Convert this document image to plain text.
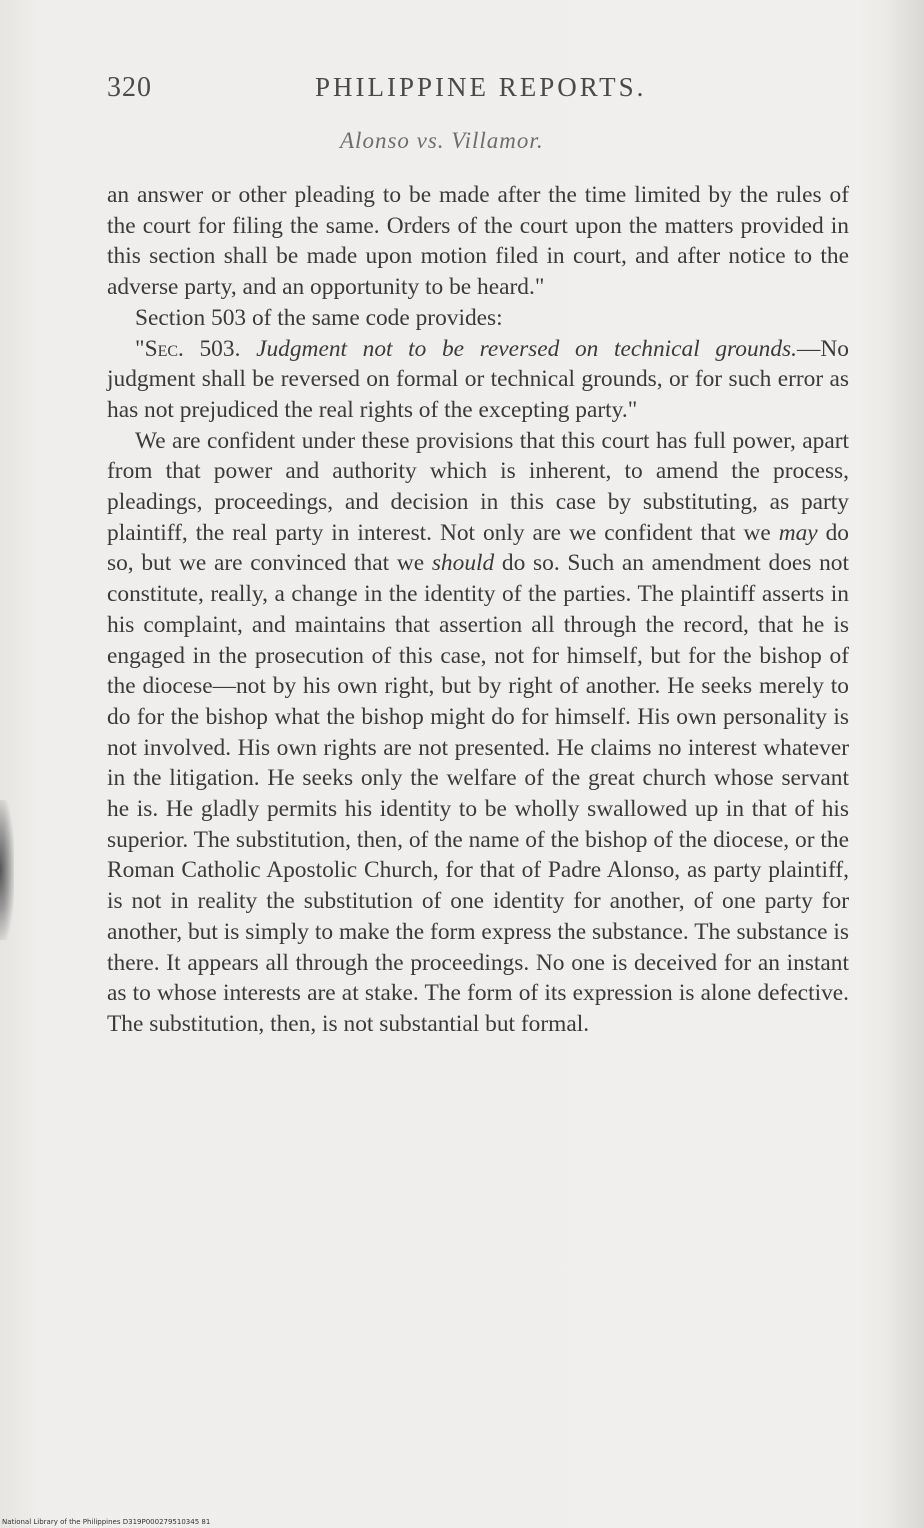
320	PHILIPPINE REPORTS.
Alonso vs. Villamor.

an answer or other pleading to be made after the time limited by the rules of the court for filing the same. Orders of the court upon the matters provided in this section shall be made upon motion filed in court, and after notice to the adverse party, and an opportunity to be heard."

Section 503 of the same code provides:

"Sec. 503. Judgment not to be reversed on technical grounds.—No judgment shall be reversed on formal or technical grounds, or for such error as has not prejudiced the real rights of the excepting party."

We are confident under these provisions that this court has full power, apart from that power and authority which is inherent, to amend the process, pleadings, proceedings, and decision in this case by substituting, as party plaintiff, the real party in interest. Not only are we confident that we may do so, but we are convinced that we should do so. Such an amendment does not constitute, really, a change in the identity of the parties. The plaintiff asserts in his complaint, and maintains that assertion all through the record, that he is engaged in the prosecution of this case, not for himself, but for the bishop of the diocese—not by his own right, but by right of another. He seeks merely to do for the bishop what the bishop might do for himself. His own personality is not involved. His own rights are not presented. He claims no interest whatever in the litigation. He seeks only the welfare of the great church whose servant he is. He gladly permits his identity to be wholly swallowed up in that of his superior. The substitution, then, of the name of the bishop of the diocese, or the Roman Catholic Apostolic Church, for that of Padre Alonso, as party plaintiff, is not in reality the substitution of one identity for another, of one party for another, but is simply to make the form express the substance. The substance is there. It appears all through the proceedings. No one is deceived for an instant as to whose interests are at stake. The form of its expression is alone defective. The substitution, then, is not substantial but formal.

National Library of the Philippines D319P000279510345 81
